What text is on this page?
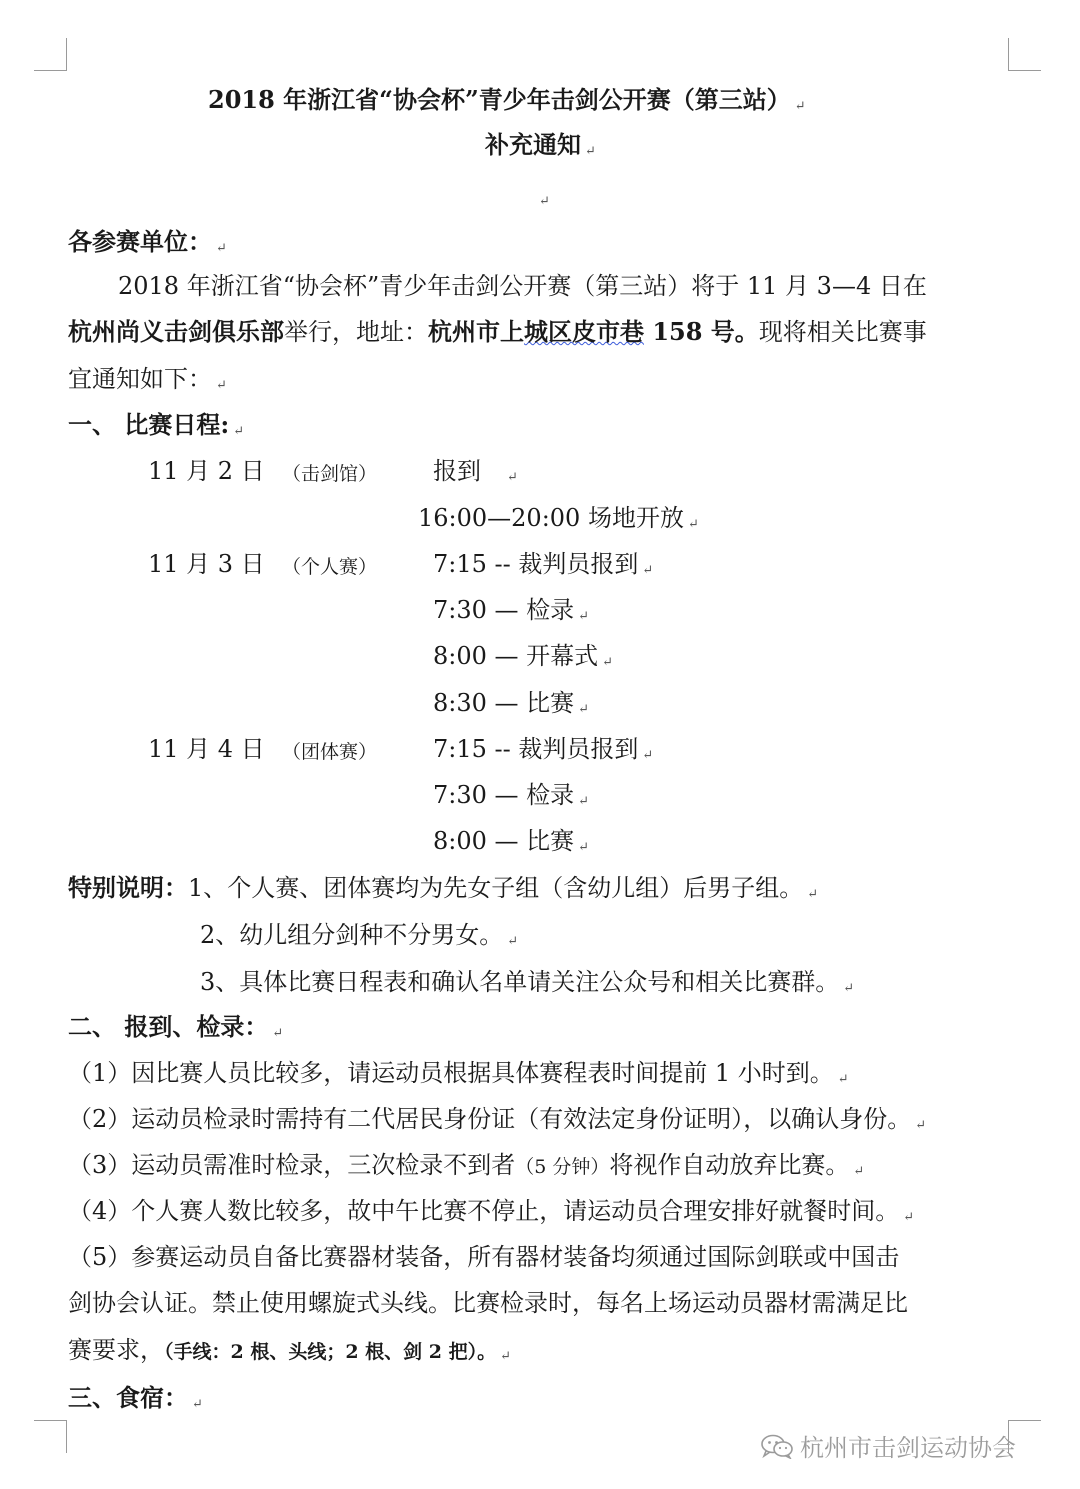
2018 年浙江省“协会杯”青少年击剑公开赛（第三站） ↵
补充通知 ↵
↵
各参赛单位： ↵
2018 年浙江省“协会杯”青少年击剑公开赛（第三站）将于 11 月 3—4 日在
杭州尚义击剑俱乐部举行，地址：杭州市上城区皮市巷 158 号。现将相关比赛事
宜通知如下： ↵
一、 比赛日程: ↵
11 月 2 日 （击剑馆） 报到 ↵
16:00—20:00 场地开放 ↵
11 月 3 日 （个人赛） 7:15 -- 裁判员报到 ↵
7:30 — 检录 ↵
8:00 — 开幕式 ↵
8:30 — 比赛 ↵
11 月 4 日 （团体赛） 7:15 -- 裁判员报到 ↵
7:30 — 检录 ↵
8:00 — 比赛 ↵
特别说明：1、个人赛、团体赛均为先女子组（含幼儿组）后男子组。 ↵
2、幼儿组分剑种不分男女。 ↵
3、具体比赛日程表和确认名单请关注公众号和相关比赛群。 ↵
二、 报到、检录： ↵
（1）因比赛人员比较多，请运动员根据具体赛程表时间提前 1 小时到。 ↵
（2）运动员检录时需持有二代居民身份证（有效法定身份证明），以确认身份。 ↵
（3）运动员需准时检录，三次检录不到者（5 分钟）将视作自动放弃比赛。 ↵
（4）个人赛人数比较多，故中午比赛不停止，请运动员合理安排好就餐时间。 ↵
（5）参赛运动员自备比赛器材装备，所有器材装备均须通过国际剑联或中国击
剑协会认证。禁止使用螺旋式头线。比赛检录时，每名上场运动员器材需满足比
赛要求，（手线：2 根、头线；2 根、剑 2 把）。 ↵
三、食宿： ↵
杭州市击剑运动协会
